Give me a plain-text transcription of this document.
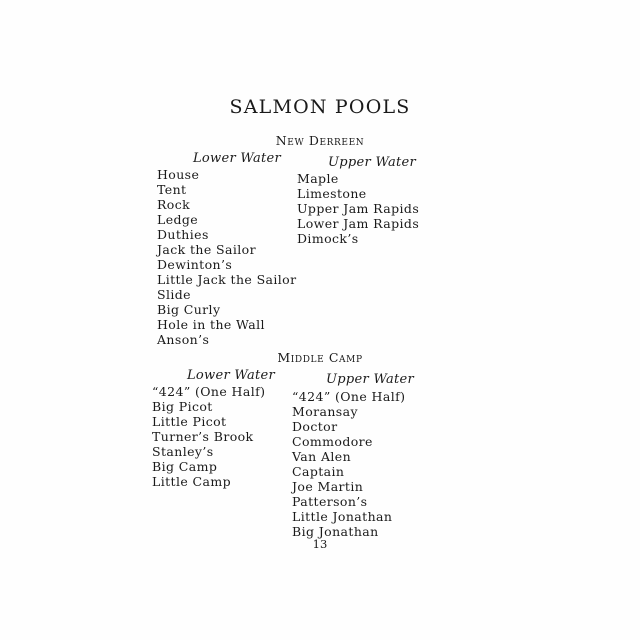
SALMON POOLS
New Derreen
Lower Water	Upper Water
House
Tent
Rock
Ledge
Duthies
Jack the Sailor
Dewinton’s
Little Jack the Sailor
Slide
Big Curly
Hole in the Wall
Anson’s
Maple
Limestone
Upper Jam Rapids
Lower Jam Rapids
Dimock’s
Middle Camp
Lower Water	Upper Water
“424” (One Half)
Big Picot
Little Picot
Turner’s Brook
Stanley’s
Big Camp
Little Camp
“424” (One Half)
Moransay
Doctor
Commodore
Van Alen
Captain
Joe Martin
Patterson’s
Little Jonathan
Big Jonathan
13
